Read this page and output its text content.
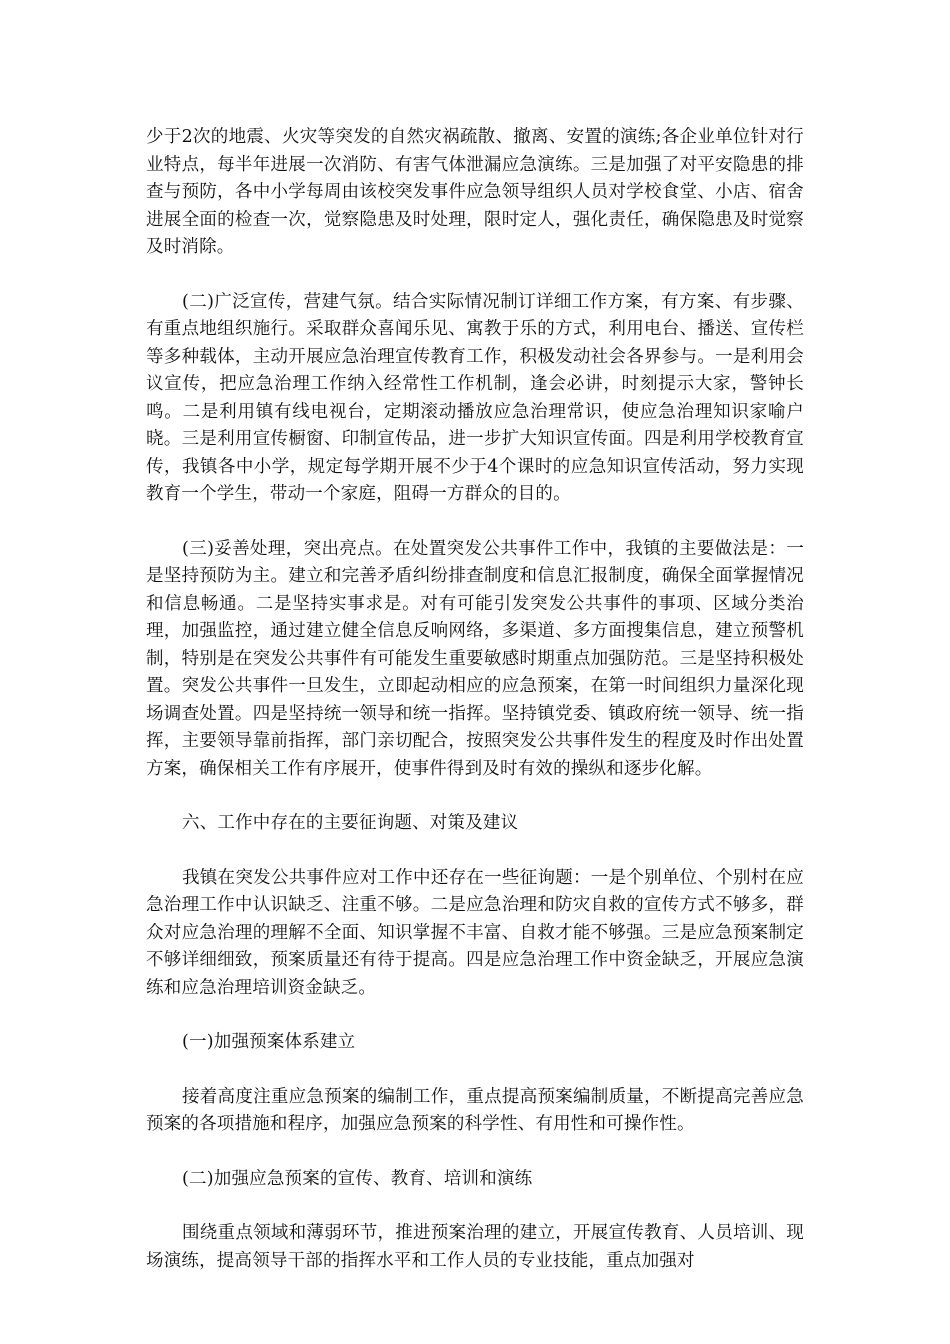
少于2次的地震、火灾等突发的自然灾祸疏散、撤离、安置的演练;各企业单位针对行业特点，每半年进展一次消防、有害气体泄漏应急演练。三是加强了对平安隐患的排查与预防，各中小学每周由该校突发事件应急领导组织人员对学校食堂、小店、宿舍进展全面的检查一次，觉察隐患及时处理，限时定人，强化责任，确保隐患及时觉察及时消除。

(二)广泛宣传，营建气氛。结合实际情况制订详细工作方案，有方案、有步骤、有重点地组织施行。采取群众喜闻乐见、寓教于乐的方式，利用电台、播送、宣传栏等多种载体，主动开展应急治理宣传教育工作，积极发动社会各界参与。一是利用会议宣传，把应急治理工作纳入经常性工作机制，逢会必讲，时刻提示大家，警钟长鸣。二是利用镇有线电视台，定期滚动播放应急治理常识，使应急治理知识家喻户晓。三是利用宣传橱窗、印制宣传品，进一步扩大知识宣传面。四是利用学校教育宣传，我镇各中小学，规定每学期开展不少于4个课时的应急知识宣传活动，努力实现教育一个学生，带动一个家庭，阻碍一方群众的目的。

(三)妥善处理，突出亮点。在处置突发公共事件工作中，我镇的主要做法是：一是坚持预防为主。建立和完善矛盾纠纷排查制度和信息汇报制度，确保全面掌握情况和信息畅通。二是坚持实事求是。对有可能引发突发公共事件的事项、区域分类治理，加强监控，通过建立健全信息反响网络，多渠道、多方面搜集信息，建立预警机制，特别是在突发公共事件有可能发生重要敏感时期重点加强防范。三是坚持积极处置。突发公共事件一旦发生，立即起动相应的应急预案，在第一时间组织力量深化现场调查处置。四是坚持统一领导和统一指挥。坚持镇党委、镇政府统一领导、统一指挥，主要领导靠前指挥，部门亲切配合，按照突发公共事件发生的程度及时作出处置方案，确保相关工作有序展开，使事件得到及时有效的操纵和逐步化解。

六、工作中存在的主要征询题、对策及建议

我镇在突发公共事件应对工作中还存在一些征询题：一是个别单位、个别村在应急治理工作中认识缺乏、注重不够。二是应急治理和防灾自救的宣传方式不够多，群众对应急治理的理解不全面、知识掌握不丰富、自救才能不够强。三是应急预案制定不够详细细致，预案质量还有待于提高。四是应急治理工作中资金缺乏，开展应急演练和应急治理培训资金缺乏。

(一)加强预案体系建立

接着高度注重应急预案的编制工作，重点提高预案编制质量，不断提高完善应急预案的各项措施和程序，加强应急预案的科学性、有用性和可操作性。

(二)加强应急预案的宣传、教育、培训和演练

围绕重点领域和薄弱环节，推进预案治理的建立，开展宣传教育、人员培训、现场演练，提高领导干部的指挥水平和工作人员的专业技能，重点加强对
